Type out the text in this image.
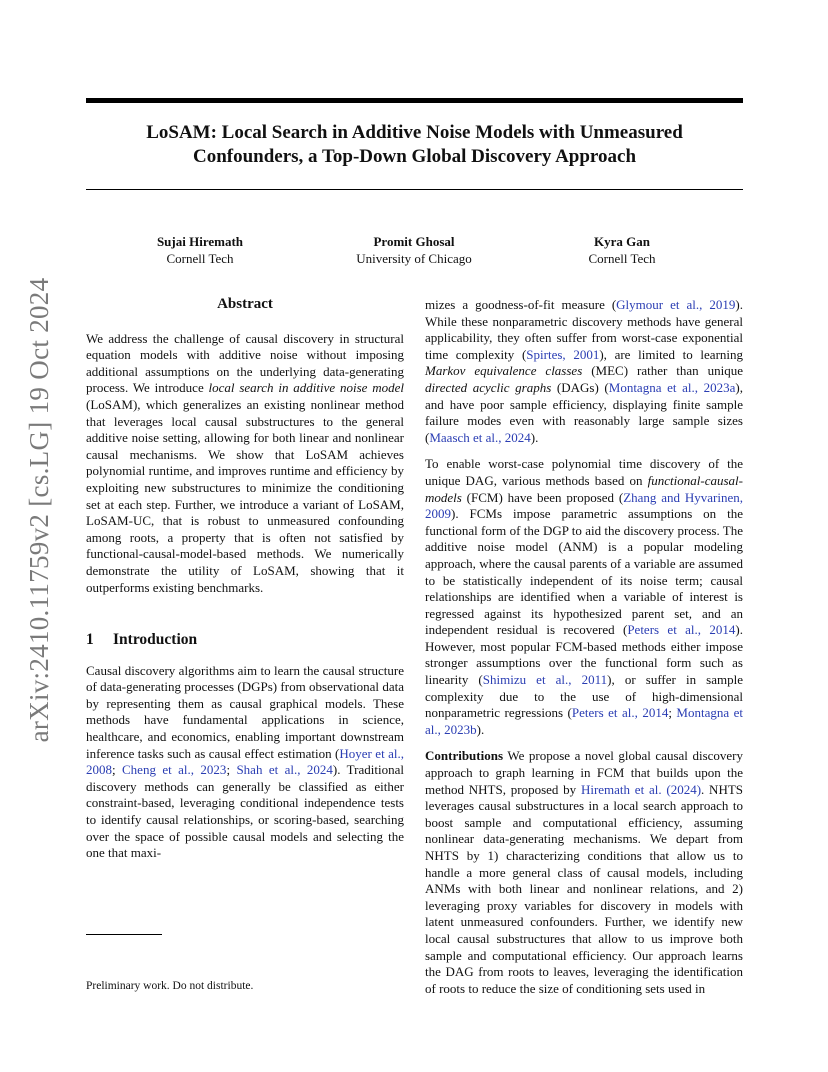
arXiv:2410.11759v2 [cs.LG] 19 Oct 2024
LoSAM: Local Search in Additive Noise Models with Unmeasured
Confounders, a Top-Down Global Discovery Approach
Sujai Hiremath
Cornell Tech
Promit Ghosal
University of Chicago
Kyra Gan
Cornell Tech
Abstract

We address the challenge of causal discovery in structural equation models with additive noise without imposing additional assumptions on the underlying data-generating process. We introduce local search in additive noise model (LoSAM), which generalizes an existing nonlinear method that leverages local causal substructures to the general additive noise setting, allowing for both linear and nonlinear causal mechanisms. We show that LoSAM achieves polynomial runtime, and improves runtime and efficiency by exploiting new substructures to minimize the conditioning set at each step. Further, we introduce a variant of LoSAM, LoSAM-UC, that is robust to unmeasured confounding among roots, a property that is often not satisfied by functional-causal-model-based methods. We numerically demonstrate the utility of LoSAM, showing that it outperforms existing benchmarks.

1 Introduction

Causal discovery algorithms aim to learn the causal structure of data-generating processes (DGPs) from observational data by representing them as causal graphical models. These methods have fundamental applications in science, healthcare, and economics, enabling important downstream inference tasks such as causal effect estimation (Hoyer et al., 2008; Cheng et al., 2023; Shah et al., 2024). Traditional discovery methods can generally be classified as either constraint-based, leveraging conditional independence tests to identify causal relationships, or scoring-based, searching over the space of possible causal models and selecting the one that maxi-

mizes a goodness-of-fit measure (Glymour et al., 2019). While these nonparametric discovery methods have general applicability, they often suffer from worst-case exponential time complexity (Spirtes, 2001), are limited to learning Markov equivalence classes (MEC) rather than unique directed acyclic graphs (DAGs) (Montagna et al., 2023a), and have poor sample efficiency, displaying finite sample failure modes even with reasonably large sample sizes (Maasch et al., 2024).

To enable worst-case polynomial time discovery of the unique DAG, various methods based on functional-causal-models (FCM) have been proposed (Zhang and Hyvarinen, 2009). FCMs impose parametric assumptions on the functional form of the DGP to aid the discovery process. The additive noise model (ANM) is a popular modeling approach, where the causal parents of a variable are assumed to be statistically independent of its noise term; causal relationships are identified when a variable of interest is regressed against its hypothesized parent set, and an independent residual is recovered (Peters et al., 2014). However, most popular FCM-based methods either impose stronger assumptions over the functional form such as linearity (Shimizu et al., 2011), or suffer in sample complexity due to the use of high-dimensional nonparametric regressions (Peters et al., 2014; Montagna et al., 2023b).

Contributions We propose a novel global causal discovery approach to graph learning in FCM that builds upon the method NHTS, proposed by Hiremath et al. (2024). NHTS leverages causal substructures in a local search approach to boost sample and computational efficiency, assuming nonlinear data-generating mechanisms. We depart from NHTS by 1) characterizing conditions that allow us to handle a more general class of causal models, including ANMs with both linear and nonlinear relations, and 2) leveraging proxy variables for discovery in models with latent unmeasured confounders. Further, we identify new local causal substructures that allow to us improve both sample and computational efficiency. Our approach learns the DAG from roots to leaves, leveraging the identification of roots to reduce the size of conditioning sets used in

Preliminary work. Do not distribute.
